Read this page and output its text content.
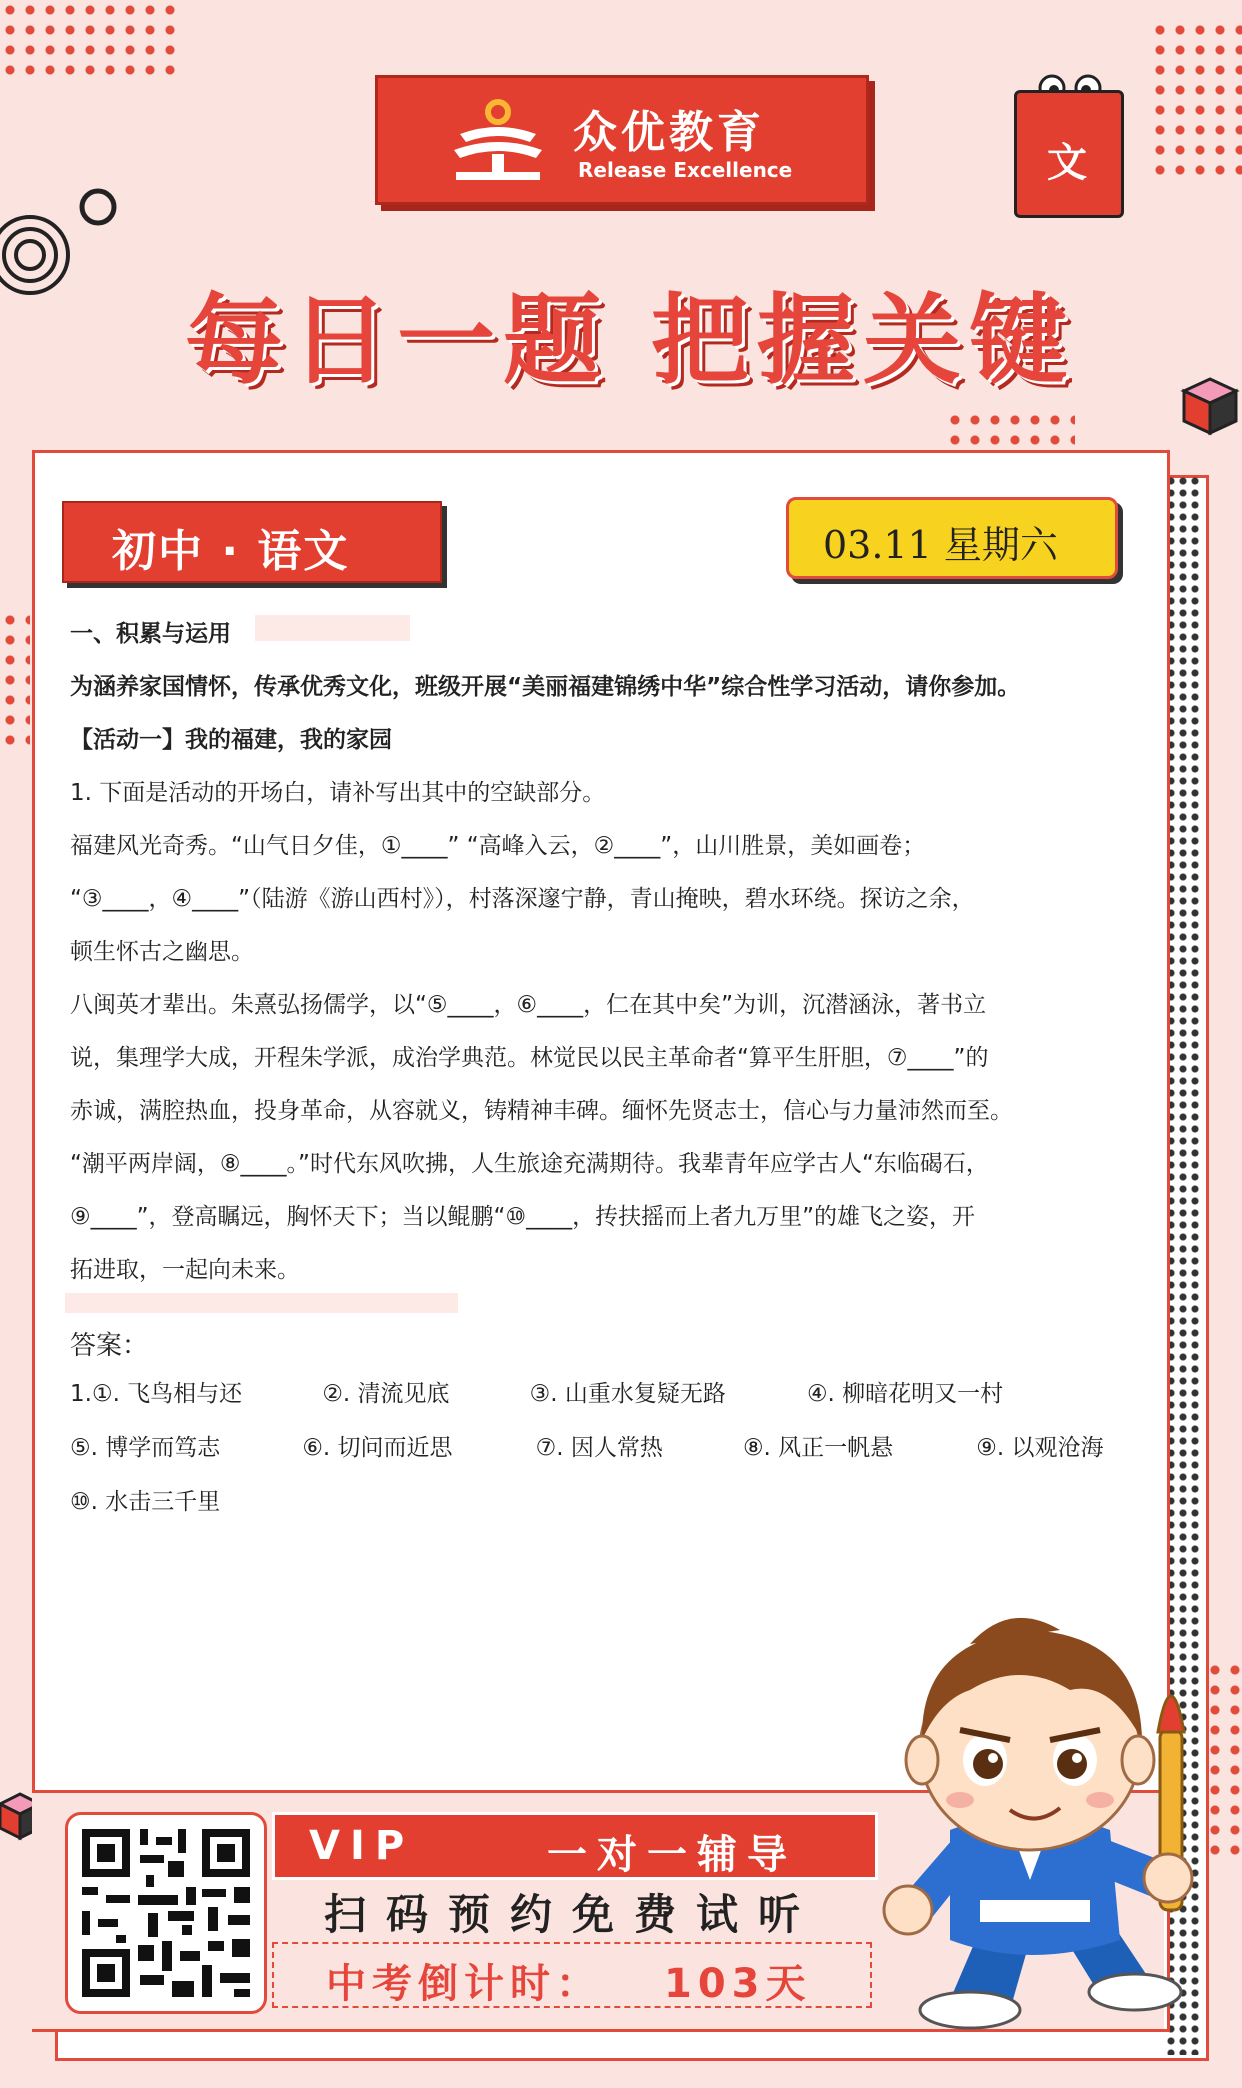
众优教育
Release Excellence	文
每日一题 把握关键
初中 · 语文	03.11 星期六
一、积累与运用
为涵养家国情怀，传承优秀文化，班级开展“美丽福建锦绣中华”综合性学习活动，请你参加。
【活动一】我的福建，我的家园
1. 下面是活动的开场白，请补写出其中的空缺部分。
福建风光奇秀。“山气日夕佳，①____” “高峰入云，②____”，山川胜景，美如画卷；
“③____，④____”（陆游《游山西村》），村落深邃宁静，青山掩映，碧水环绕。探访之余，
顿生怀古之幽思。
八闽英才辈出。朱熹弘扬儒学，以“⑤____，⑥____，仁在其中矣”为训，沉潜涵泳，著书立
说，集理学大成，开程朱学派，成治学典范。林觉民以民主革命者“算平生肝胆，⑦____”的
赤诚，满腔热血，投身革命，从容就义，铸精神丰碑。缅怀先贤志士，信心与力量沛然而至。
“潮平两岸阔，⑧____。”时代东风吹拂，人生旅途充满期待。我辈青年应学古人“东临碣石，
⑨____”，登高瞩远，胸怀天下；当以鲲鹏“⑩____，抟扶摇而上者九万里”的雄飞之姿，开
拓进取，一起向未来。
答案：
1.①. 飞鸟相与还	②. 清流见底	③. 山重水复疑无路	④. 柳暗花明又一村
⑤. 博学而笃志	⑥. 切问而近思	⑦. 因人常热	⑧. 风正一帆悬	⑨. 以观沧海
⑩. 水击三千里
VIP	一对一辅导
扫码预约免费试听
中考倒计时： 103天
